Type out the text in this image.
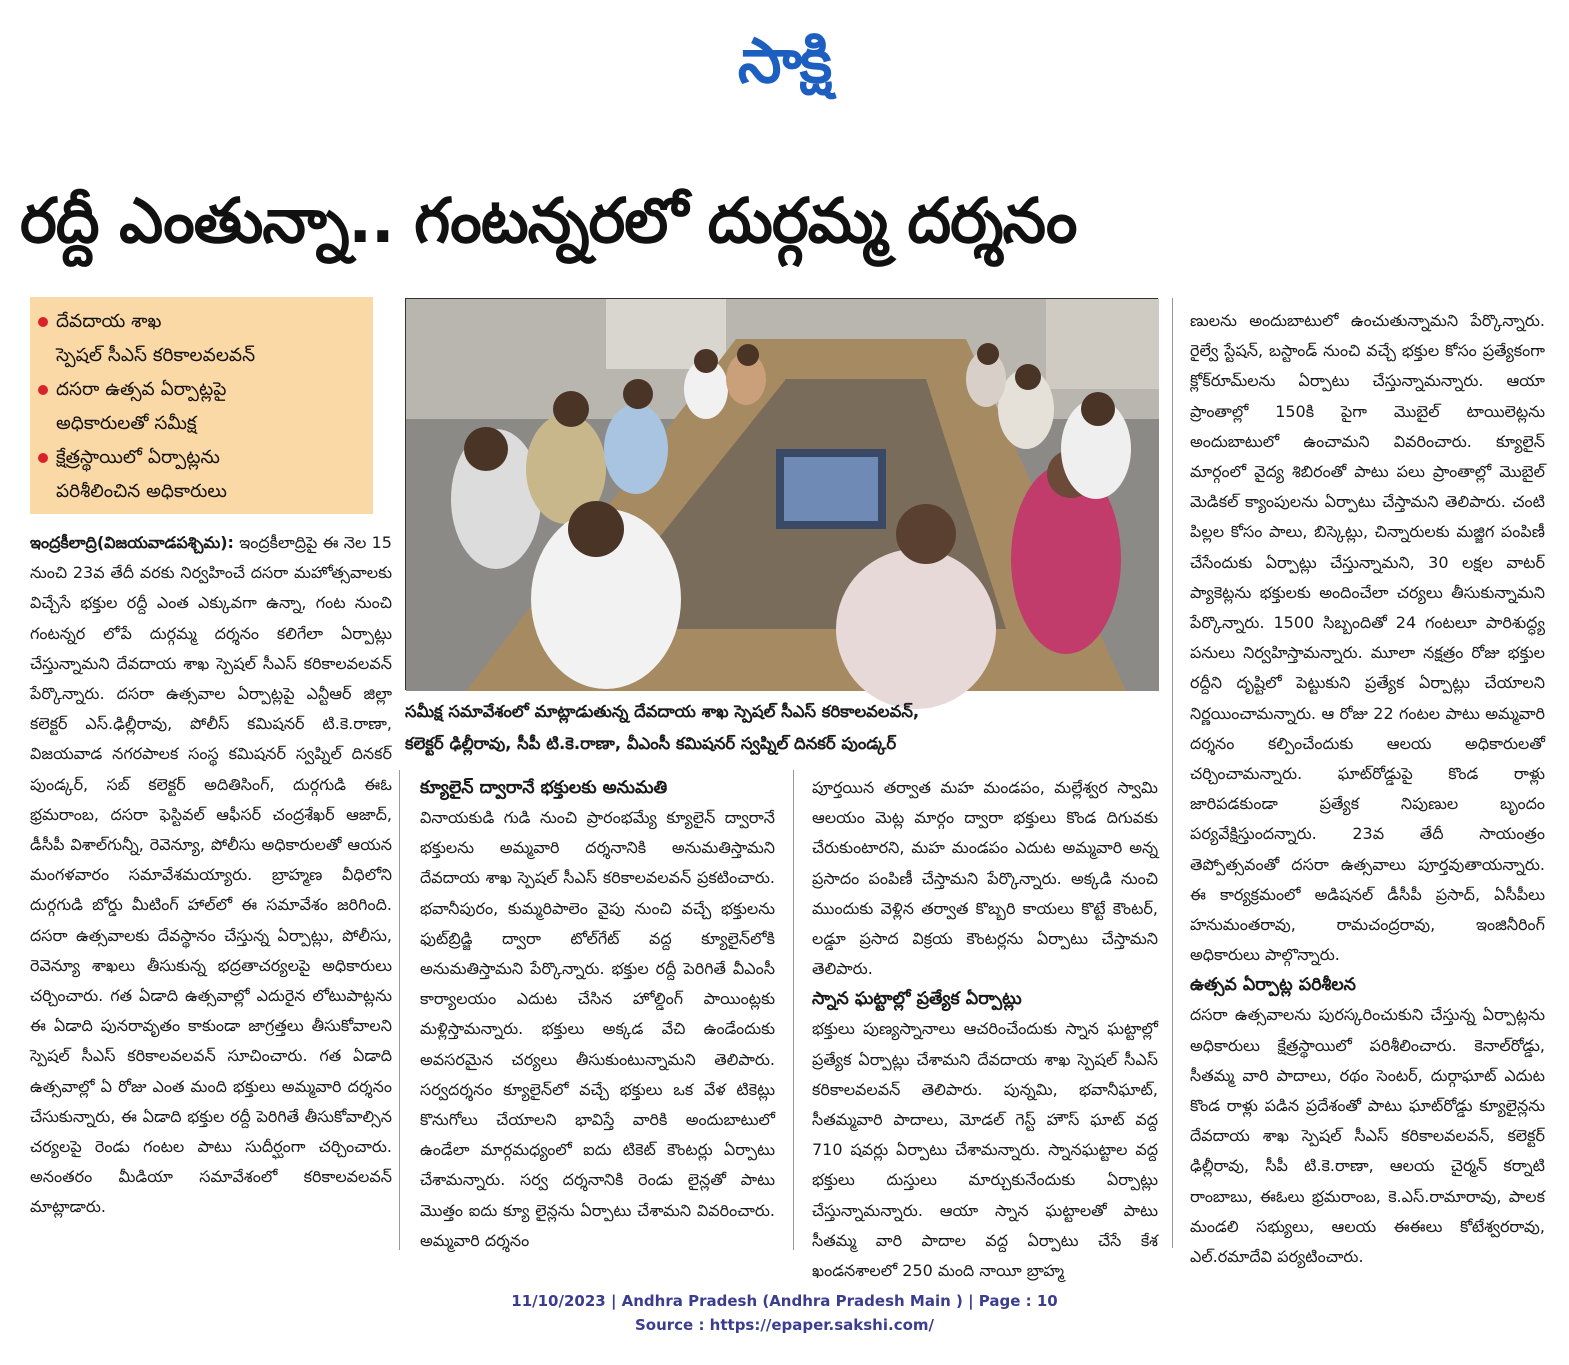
సాక్షి
రద్దీ ఎంతున్నా.. గంటన్నరలో దుర్గమ్మ దర్శనం
దేవదాయ శాఖ
స్పెషల్ సీఎస్ కరికాలవలవన్
దసరా ఉత్సవ ఏర్పాట్లపై
అధికారులతో సమీక్ష
క్షేత్రస్థాయిలో ఏర్పాట్లను
పరిశీలించిన అధికారులు
సమీక్ష సమావేశంలో మాట్లాడుతున్న దేవదాయ శాఖ స్పెషల్ సీఎస్ కరికాలవలవన్,
కలెక్టర్ ఢిల్లీరావు, సీపీ టి.కె.రాణా, వీఎంసీ కమిషనర్ స్వప్నిల్ దినకర్ పుండ్కర్

ఇంద్రకీలాద్రి(విజయవాడపశ్చిమ): ఇంద్రకీలాద్రిపై ఈ నెల 15 నుంచి 23వ తేదీ వరకు నిర్వహించే దసరా మహోత్సవాలకు విచ్చేసే భక్తుల రద్దీ ఎంత ఎక్కువగా ఉన్నా, గంట నుంచి గంటన్నర లోపే దుర్గమ్మ దర్శనం కలిగేలా ఏర్పాట్లు చేస్తున్నామని దేవదాయ శాఖ స్పెషల్ సీఎస్ కరికాలవలవన్ పేర్కొన్నారు. దసరా ఉత్సవాల ఏర్పాట్లపై ఎన్టీఆర్ జిల్లా కలెక్టర్ ఎస్.ఢిల్లీరావు, పోలీస్ కమిషనర్ టి.కె.రాణా, విజయవాడ నగరపాలక సంస్థ కమిషనర్ స్వప్నిల్ దినకర్ పుండ్కర్, సబ్ కలెక్టర్ అదితిసింగ్, దుర్గగుడి ఈఓ భ్రమరాంబ, దసరా ఫెస్టివల్ ఆఫీసర్ చంద్రశేఖర్ ఆజాద్, డీసీపీ విశాల్‌గున్నీ, రెవెన్యూ, పోలీసు అధికారులతో ఆయన మంగళవారం సమావేశమయ్యారు. బ్రాహ్మణ వీధిలోని దుర్గగుడి బోర్డు మీటింగ్ హాల్‌లో ఈ సమావేశం జరిగింది. దసరా ఉత్సవాలకు దేవస్థానం చేస్తున్న ఏర్పాట్లు, పోలీసు, రెవెన్యూ శాఖలు తీసుకున్న భద్రతాచర్యలపై అధికారులు చర్చించారు. గత ఏడాది ఉత్సవాల్లో ఎదురైన లోటుపాట్లను ఈ ఏడాది పునరావృతం కాకుండా జాగ్రత్తలు తీసుకోవాలని స్పెషల్ సీఎస్ కరికాలవలవన్ సూచించారు. గత ఏడాది ఉత్సవాల్లో ఏ రోజు ఎంత మంది భక్తులు అమ్మవారి దర్శనం చేసుకున్నారు, ఈ ఏడాది భక్తుల రద్దీ పెరిగితే తీసుకోవాల్సిన చర్యలపై రెండు గంటల పాటు సుదీర్ఘంగా చర్చించారు. అనంతరం మీడియా సమావేశంలో కరికాలవలవన్ మాట్లాడారు.

క్యూలైన్ ద్వారానే భక్తులకు అనుమతి

వినాయకుడి గుడి నుంచి ప్రారంభమ్యే క్యూలైన్ ద్వారానే భక్తులను అమ్మవారి దర్శనానికి అనుమతిస్తామని దేవదాయ శాఖ స్పెషల్ సీఎస్ కరికాలవలవన్ ప్రకటించారు. భవానీపురం, కుమ్మరిపాలెం వైపు నుంచి వచ్చే భక్తులను ఫుట్‌బ్రిడ్జి ద్వారా టోల్‌గేట్ వద్ద క్యూలైన్‌లోకి అనుమతిస్తామని పేర్కొన్నారు. భక్తుల రద్దీ పెరిగితే వీఎంసీ కార్యాలయం ఎదుట చేసిన హోల్డింగ్ పాయింట్లకు మళ్లిస్తామన్నారు. భక్తులు అక్కడ వేచి ఉండేందుకు అవసరమైన చర్యలు తీసుకుంటున్నామని తెలిపారు. సర్వదర్శనం క్యూలైన్‌లో వచ్చే భక్తులు ఒక వేళ టికెట్లు కొనుగోలు చేయాలని భావిస్తే వారికి అందుబాటులో ఉండేలా మార్గమధ్యంలో ఐదు టికెట్ కౌంటర్లు ఏర్పాటు చేశామన్నారు. సర్వ దర్శనానికి రెండు లైన్లతో పాటు మొత్తం ఐదు క్యూ లైన్లను ఏర్పాటు చేశామని వివరించారు. అమ్మవారి దర్శనం

పూర్తయిన తర్వాత మహ మండపం, మల్లేశ్వర స్వామి ఆలయం మెట్ల మార్గం ద్వారా భక్తులు కొండ దిగువకు చేరుకుంటారని, మహ మండపం ఎదుట అమ్మవారి అన్న ప్రసాదం పంపిణీ చేస్తామని పేర్కొన్నారు. అక్కడి నుంచి ముందుకు వెళ్లిన తర్వాత కొబ్బరి కాయలు కొట్టే కౌంటర్, లడ్డూ ప్రసాద విక్రయ కౌంటర్లను ఏర్పాటు చేస్తామని తెలిపారు.

స్నాన ఘట్టాల్లో ప్రత్యేక ఏర్పాట్లు

భక్తులు పుణ్యస్నానాలు ఆచరించేందుకు స్నాన ఘట్టాల్లో ప్రత్యేక ఏర్పాట్లు చేశామని దేవదాయ శాఖ స్పెషల్ సీఎస్ కరికాలవలవన్ తెలిపారు. పున్నమి, భవానీఘాట్, సీతమ్మవారి పాదాలు, మోడల్ గెస్ట్ హౌస్ ఘాట్ వద్ద 710 షవర్లు ఏర్పాటు చేశామన్నారు. స్నానఘట్టాల వద్ద భక్తులు దుస్తులు మార్చుకునేందుకు ఏర్పాట్లు చేస్తున్నామన్నారు. ఆయా స్నాన ఘట్టాలతో పాటు సీతమ్మ వారి పాదాల వద్ద ఏర్పాటు చేసే కేశ ఖండనశాలలో 250 మంది నాయీ బ్రాహ్మ

ణులను అందుబాటులో ఉంచుతున్నామని పేర్కొన్నారు. రైల్వే స్టేషన్, బస్టాండ్ నుంచి వచ్చే భక్తుల కోసం ప్రత్యేకంగా క్లోక్‌రూమ్‌లను ఏర్పాటు చేస్తున్నామన్నారు. ఆయా ప్రాంతాల్లో 150కి పైగా మొబైల్ టాయిలెట్లను అందుబాటులో ఉంచామని వివరించారు. క్యూలైన్ మార్గంలో వైద్య శిబిరంతో పాటు పలు ప్రాంతాల్లో మొబైల్ మెడికల్ క్యాంపులను ఏర్పాటు చేస్తామని తెలిపారు. చంటి పిల్లల కోసం పాలు, బిస్కెట్లు, చిన్నారులకు మజ్జిగ పంపిణీ చేసేందుకు ఏర్పాట్లు చేస్తున్నామని, 30 లక్షల వాటర్ ప్యాకెట్లను భక్తులకు అందించేలా చర్యలు తీసుకున్నామని పేర్కొన్నారు. 1500 సిబ్బందితో 24 గంటలూ పారిశుద్ధ్య పనులు నిర్వహిస్తామన్నారు. మూలా నక్షత్రం రోజు భక్తుల రద్దీని దృష్టిలో పెట్టుకుని ప్రత్యేక ఏర్పాట్లు చేయాలని నిర్ణయించామన్నారు. ఆ రోజు 22 గంటల పాటు అమ్మవారి దర్శనం కల్పించేందుకు ఆలయ అధికారులతో చర్చించామన్నారు. ఘాట్‌రోడ్డుపై కొండ రాళ్లు జారిపడకుండా ప్రత్యేక నిపుణుల బృందం పర్యవేక్షిస్తుందన్నారు. 23వ తేదీ సాయంత్రం తెప్పోత్సవంతో దసరా ఉత్సవాలు పూర్తవుతాయన్నారు. ఈ కార్యక్రమంలో అడిషనల్ డీసీపీ ప్రసాద్, ఏసీపీలు హనుమంతరావు, రామచంద్రరావు, ఇంజినీరింగ్ అధికారులు పాల్గొన్నారు.

ఉత్సవ ఏర్పాట్ల పరిశీలన

దసరా ఉత్సవాలను పురస్కరించుకుని చేస్తున్న ఏర్పాట్లను అధికారులు క్షేత్రస్థాయిలో పరిశీలించారు. కెనాల్‌రోడ్డు, సీతమ్మ వారి పాదాలు, రథం సెంటర్, దుర్గాఘాట్ ఎదుట కొండ రాళ్లు పడిన ప్రదేశంతో పాటు ఘాట్‌రోడ్డు క్యూలైన్లను దేవదాయ శాఖ స్పెషల్ సీఎస్ కరికాలవలవన్, కలెక్టర్ ఢిల్లీరావు, సీపీ టి.కె.రాణా, ఆలయ చైర్మన్ కర్నాటి రాంబాబు, ఈఓలు భ్రమరాంబ, కె.ఎస్.రామారావు, పాలక మండలి సభ్యులు, ఆలయ ఈఈలు కోటేశ్వరరావు, ఎల్.రమాదేవి పర్యటించారు.

11/10/2023 | Andhra Pradesh (Andhra Pradesh Main ) | Page : 10
Source : https://epaper.sakshi.com/
